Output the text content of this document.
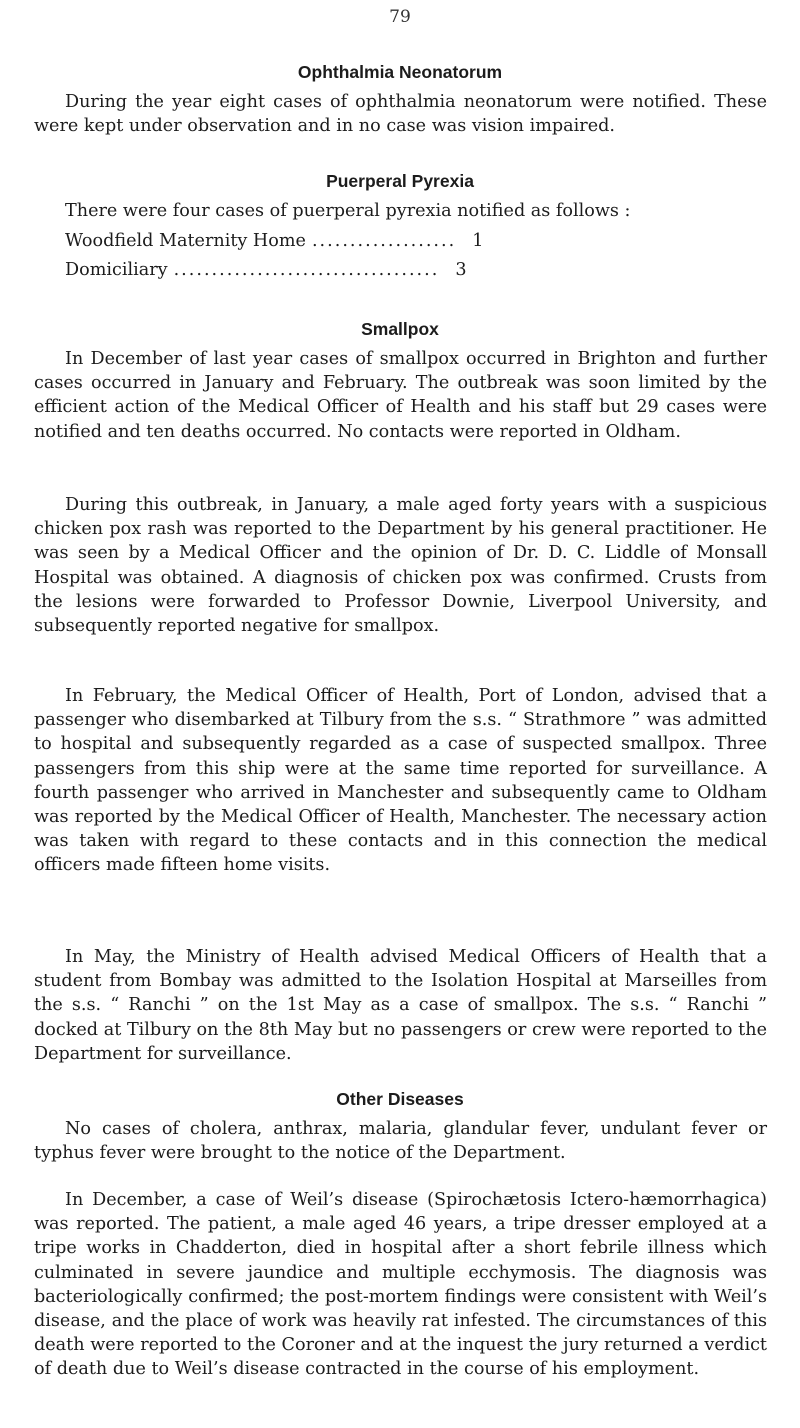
79
Ophthalmia Neonatorum

During the year eight cases of ophthalmia neonatorum were notified. These were kept under observation and in no case was vision impaired.

Puerperal Pyrexia

There were four cases of puerperal pyrexia notified as follows :

Woodfield Maternity Home ................... 1
Domiciliary ................................... 3
Smallpox

In December of last year cases of smallpox occurred in Brighton and further cases occurred in January and February. The outbreak was soon limited by the efficient action of the Medical Officer of Health and his staff but 29 cases were notified and ten deaths occurred. No contacts were reported in Oldham.

During this outbreak, in January, a male aged forty years with a suspicious chicken pox rash was reported to the Department by his general practitioner. He was seen by a Medical Officer and the opinion of Dr. D. C. Liddle of Monsall Hospital was obtained. A diagnosis of chicken pox was confirmed. Crusts from the lesions were forwarded to Professor Downie, Liverpool University, and subsequently reported negative for smallpox.

In February, the Medical Officer of Health, Port of London, advised that a passenger who disembarked at Tilbury from the s.s. “ Strathmore ” was admitted to hospital and subsequently regarded as a case of suspected smallpox. Three passengers from this ship were at the same time reported for surveillance. A fourth passenger who arrived in Manchester and subsequently came to Oldham was reported by the Medical Officer of Health, Manchester. The necessary action was taken with regard to these contacts and in this connection the medical officers made fifteen home visits.

In May, the Ministry of Health advised Medical Officers of Health that a student from Bombay was admitted to the Isolation Hospital at Marseilles from the s.s. “ Ranchi ” on the 1st May as a case of smallpox. The s.s. “ Ranchi ” docked at Tilbury on the 8th May but no passengers or crew were reported to the Department for surveillance.

Other Diseases

No cases of cholera, anthrax, malaria, glandular fever, undulant fever or typhus fever were brought to the notice of the Department.

In December, a case of Weil’s disease (Spirochætosis Ictero-hæmorrhagica) was reported. The patient, a male aged 46 years, a tripe dresser employed at a tripe works in Chadderton, died in hospital after a short febrile illness which culminated in severe jaundice and multiple ecchymosis. The diagnosis was bacteriologically confirmed; the post-mortem findings were consistent with Weil’s disease, and the place of work was heavily rat infested. The circumstances of this death were reported to the Coroner and at the inquest the jury returned a verdict of death due to Weil’s disease contracted in the course of his employment.
